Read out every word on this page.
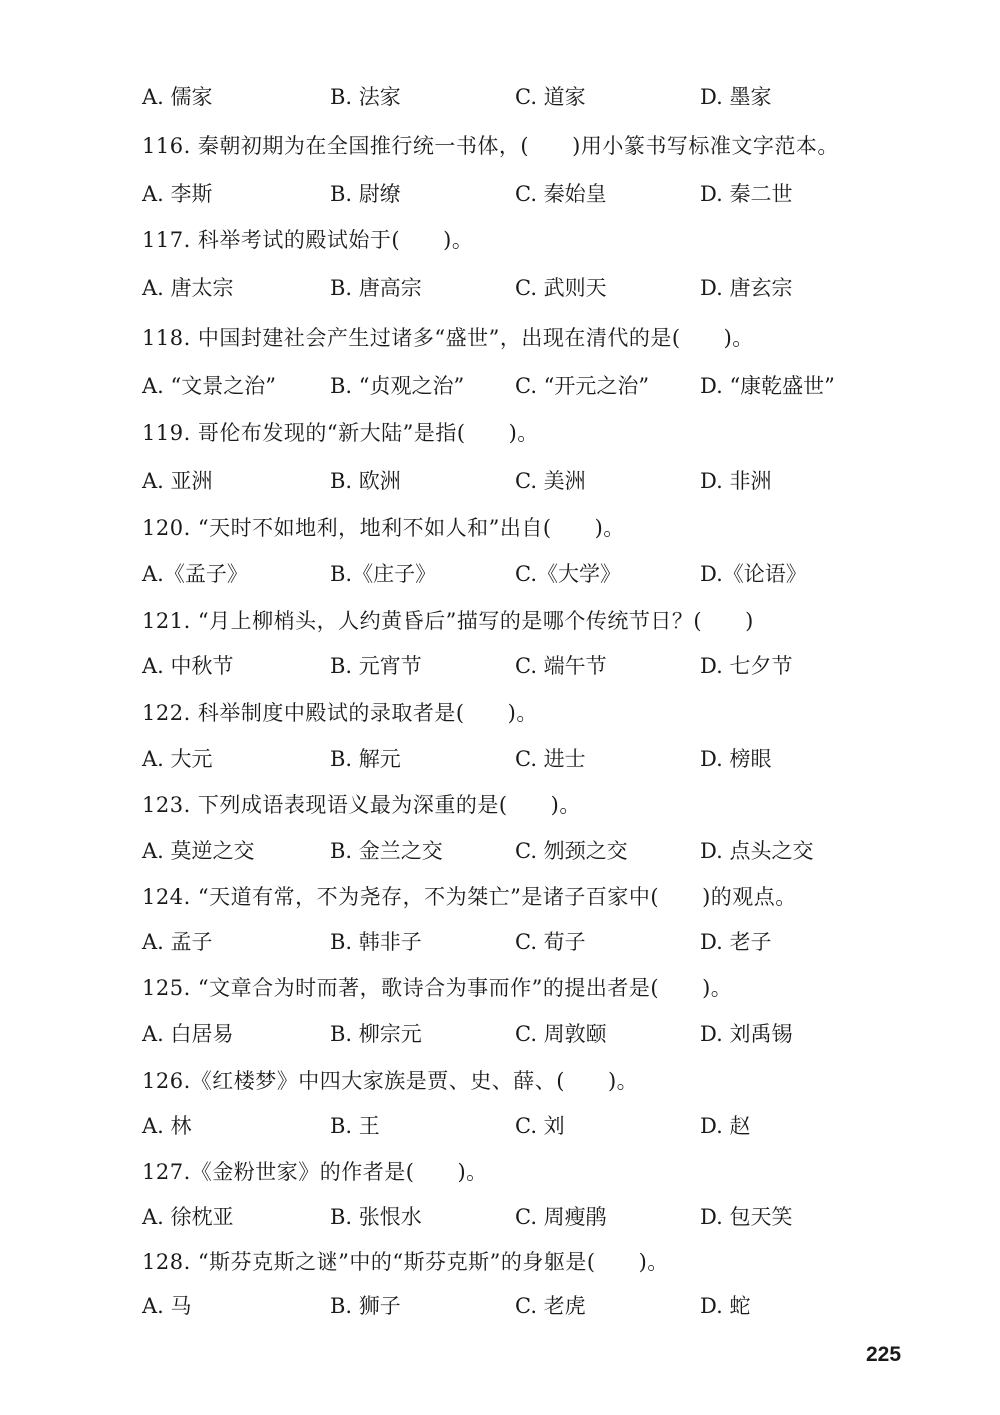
A. 儒家	B. 法家	C. 道家	D. 墨家
116. 秦朝初期为在全国推行统一书体，(　　)用小篆书写标准文字范本。
A. 李斯	B. 尉缭	C. 秦始皇	D. 秦二世
117. 科举考试的殿试始于(　　)。
A. 唐太宗	B. 唐高宗	C. 武则天	D. 唐玄宗
118. 中国封建社会产生过诸多“盛世”，出现在清代的是(　　)。
A. “文景之治”	B. “贞观之治” C. “开元之治” D. “康乾盛世”
119. 哥伦布发现的“新大陆”是指(　　)。
A. 亚洲	B. 欧洲	C. 美洲	D. 非洲
120. “天时不如地利，地利不如人和”出自(　　)。
A.《孟子》	B.《庄子》	C.《大学》	D.《论语》
121. “月上柳梢头，人约黄昏后”描写的是哪个传统节日？(　　)
A. 中秋节	B. 元宵节	C. 端午节	D. 七夕节
122. 科举制度中殿试的录取者是(　　)。
A. 大元	B. 解元	C. 进士	D. 榜眼
123. 下列成语表现语义最为深重的是(　　)。
A. 莫逆之交	B. 金兰之交	C. 刎颈之交	D. 点头之交
124. “天道有常，不为尧存，不为桀亡”是诸子百家中(　　)的观点。
A. 孟子	B. 韩非子	C. 荀子	D. 老子
125. “文章合为时而著，歌诗合为事而作”的提出者是(　　)。
A. 白居易	B. 柳宗元	C. 周敦颐	D. 刘禹锡
126.《红楼梦》中四大家族是贾、史、薛、(　　)。
A. 林	B. 王	C. 刘	D. 赵
127.《金粉世家》的作者是(　　)。
A. 徐枕亚	B. 张恨水	C. 周瘦鹃	D. 包天笑
128. “斯芬克斯之谜”中的“斯芬克斯”的身躯是(　　)。
A. 马	B. 狮子	C. 老虎	D. 蛇
225
